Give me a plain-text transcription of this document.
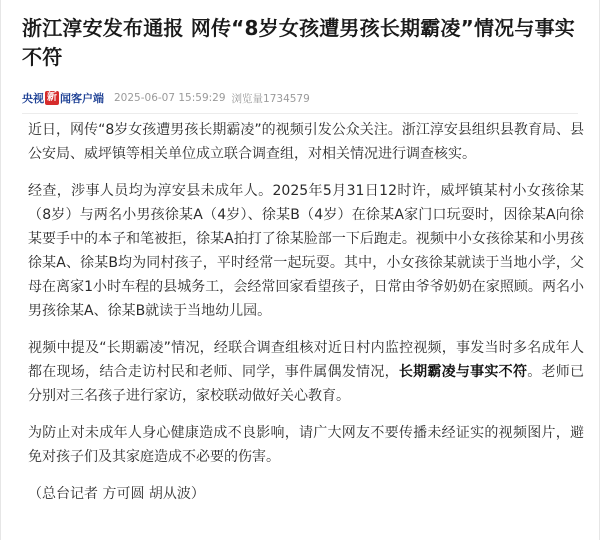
浙江淳安发布通报 网传“8岁女孩遭男孩长期霸凌”情况与事实不符
央视 新 闻客户端 2025-06-07 15:59:29 浏览量1734579

近日，网传“8岁女孩遭男孩长期霸凌”的视频引发公众关注。浙江淳安县组织县教育局、县公安局、威坪镇等相关单位成立联合调查组，对相关情况进行调查核实。

经查，涉事人员均为淳安县未成年人。2025年5月31日12时许，威坪镇某村小女孩徐某（8岁）与两名小男孩徐某A（4岁）、徐某B（4岁）在徐某A家门口玩耍时，因徐某A向徐某要手中的本子和笔被拒，徐某A拍打了徐某脸部一下后跑走。视频中小女孩徐某和小男孩徐某A、徐某B均为同村孩子，平时经常一起玩耍。其中，小女孩徐某就读于当地小学，父母在离家1小时车程的县城务工，会经常回家看望孩子，日常由爷爷奶奶在家照顾。两名小男孩徐某A、徐某B就读于当地幼儿园。

视频中提及“长期霸凌”情况，经联合调查组核对近日村内监控视频，事发当时多名成年人都在现场，结合走访村民和老师、同学，事件属偶发情况，长期霸凌与事实不符。老师已分别对三名孩子进行家访，家校联动做好关心教育。

为防止对未成年人身心健康造成不良影响，请广大网友不要传播未经证实的视频图片，避免对孩子们及其家庭造成不必要的伤害。

（总台记者 方可圆 胡从波）
